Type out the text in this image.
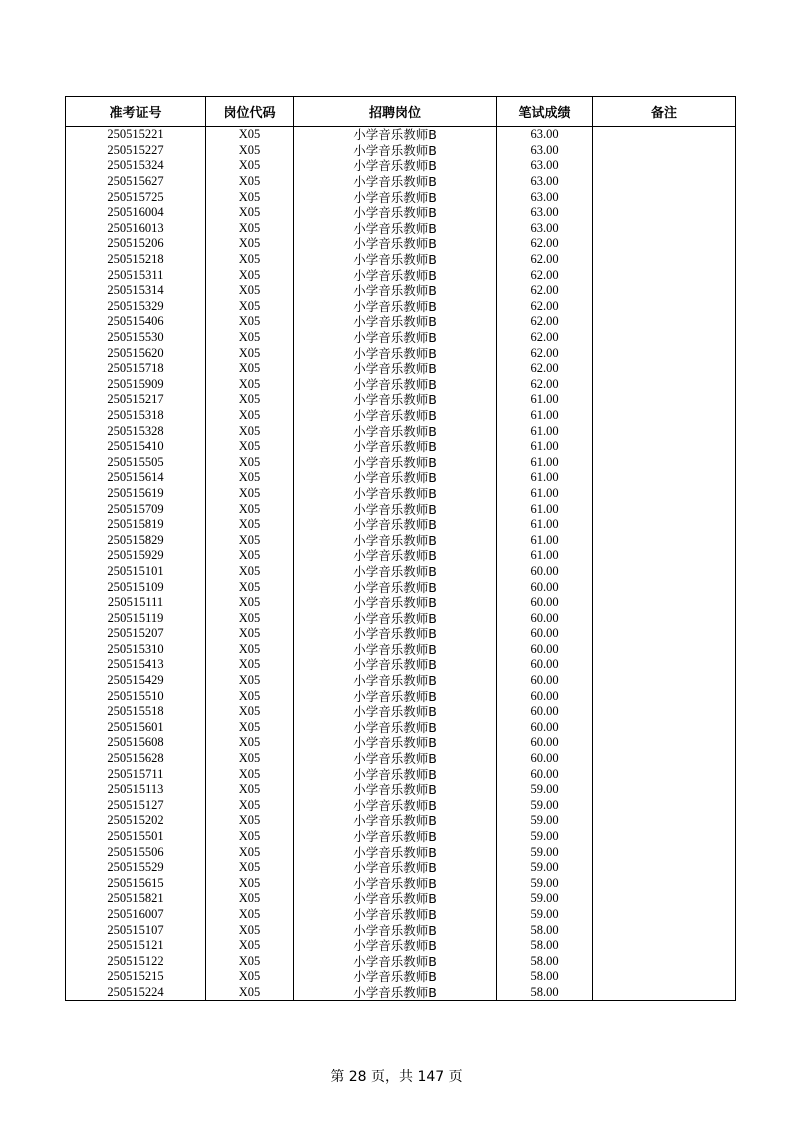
准考证号	岗位代码	招聘岗位	笔试成绩	备注
250515221	X05	小学音乐教师B	63.00	
250515227	X05	小学音乐教师B	63.00	
250515324	X05	小学音乐教师B	63.00	
250515627	X05	小学音乐教师B	63.00	
250515725	X05	小学音乐教师B	63.00	
250516004	X05	小学音乐教师B	63.00	
250516013	X05	小学音乐教师B	63.00	
250515206	X05	小学音乐教师B	62.00	
250515218	X05	小学音乐教师B	62.00	
250515311	X05	小学音乐教师B	62.00	
250515314	X05	小学音乐教师B	62.00	
250515329	X05	小学音乐教师B	62.00	
250515406	X05	小学音乐教师B	62.00	
250515530	X05	小学音乐教师B	62.00	
250515620	X05	小学音乐教师B	62.00	
250515718	X05	小学音乐教师B	62.00	
250515909	X05	小学音乐教师B	62.00	
250515217	X05	小学音乐教师B	61.00	
250515318	X05	小学音乐教师B	61.00	
250515328	X05	小学音乐教师B	61.00	
250515410	X05	小学音乐教师B	61.00	
250515505	X05	小学音乐教师B	61.00	
250515614	X05	小学音乐教师B	61.00	
250515619	X05	小学音乐教师B	61.00	
250515709	X05	小学音乐教师B	61.00	
250515819	X05	小学音乐教师B	61.00	
250515829	X05	小学音乐教师B	61.00	
250515929	X05	小学音乐教师B	61.00	
250515101	X05	小学音乐教师B	60.00	
250515109	X05	小学音乐教师B	60.00	
250515111	X05	小学音乐教师B	60.00	
250515119	X05	小学音乐教师B	60.00	
250515207	X05	小学音乐教师B	60.00	
250515310	X05	小学音乐教师B	60.00	
250515413	X05	小学音乐教师B	60.00	
250515429	X05	小学音乐教师B	60.00	
250515510	X05	小学音乐教师B	60.00	
250515518	X05	小学音乐教师B	60.00	
250515601	X05	小学音乐教师B	60.00	
250515608	X05	小学音乐教师B	60.00	
250515628	X05	小学音乐教师B	60.00	
250515711	X05	小学音乐教师B	60.00	
250515113	X05	小学音乐教师B	59.00	
250515127	X05	小学音乐教师B	59.00	
250515202	X05	小学音乐教师B	59.00	
250515501	X05	小学音乐教师B	59.00	
250515506	X05	小学音乐教师B	59.00	
250515529	X05	小学音乐教师B	59.00	
250515615	X05	小学音乐教师B	59.00	
250515821	X05	小学音乐教师B	59.00	
250516007	X05	小学音乐教师B	59.00	
250515107	X05	小学音乐教师B	58.00	
250515121	X05	小学音乐教师B	58.00	
250515122	X05	小学音乐教师B	58.00	
250515215	X05	小学音乐教师B	58.00	
250515224	X05	小学音乐教师B	58.00	
第 28 页，共 147 页
